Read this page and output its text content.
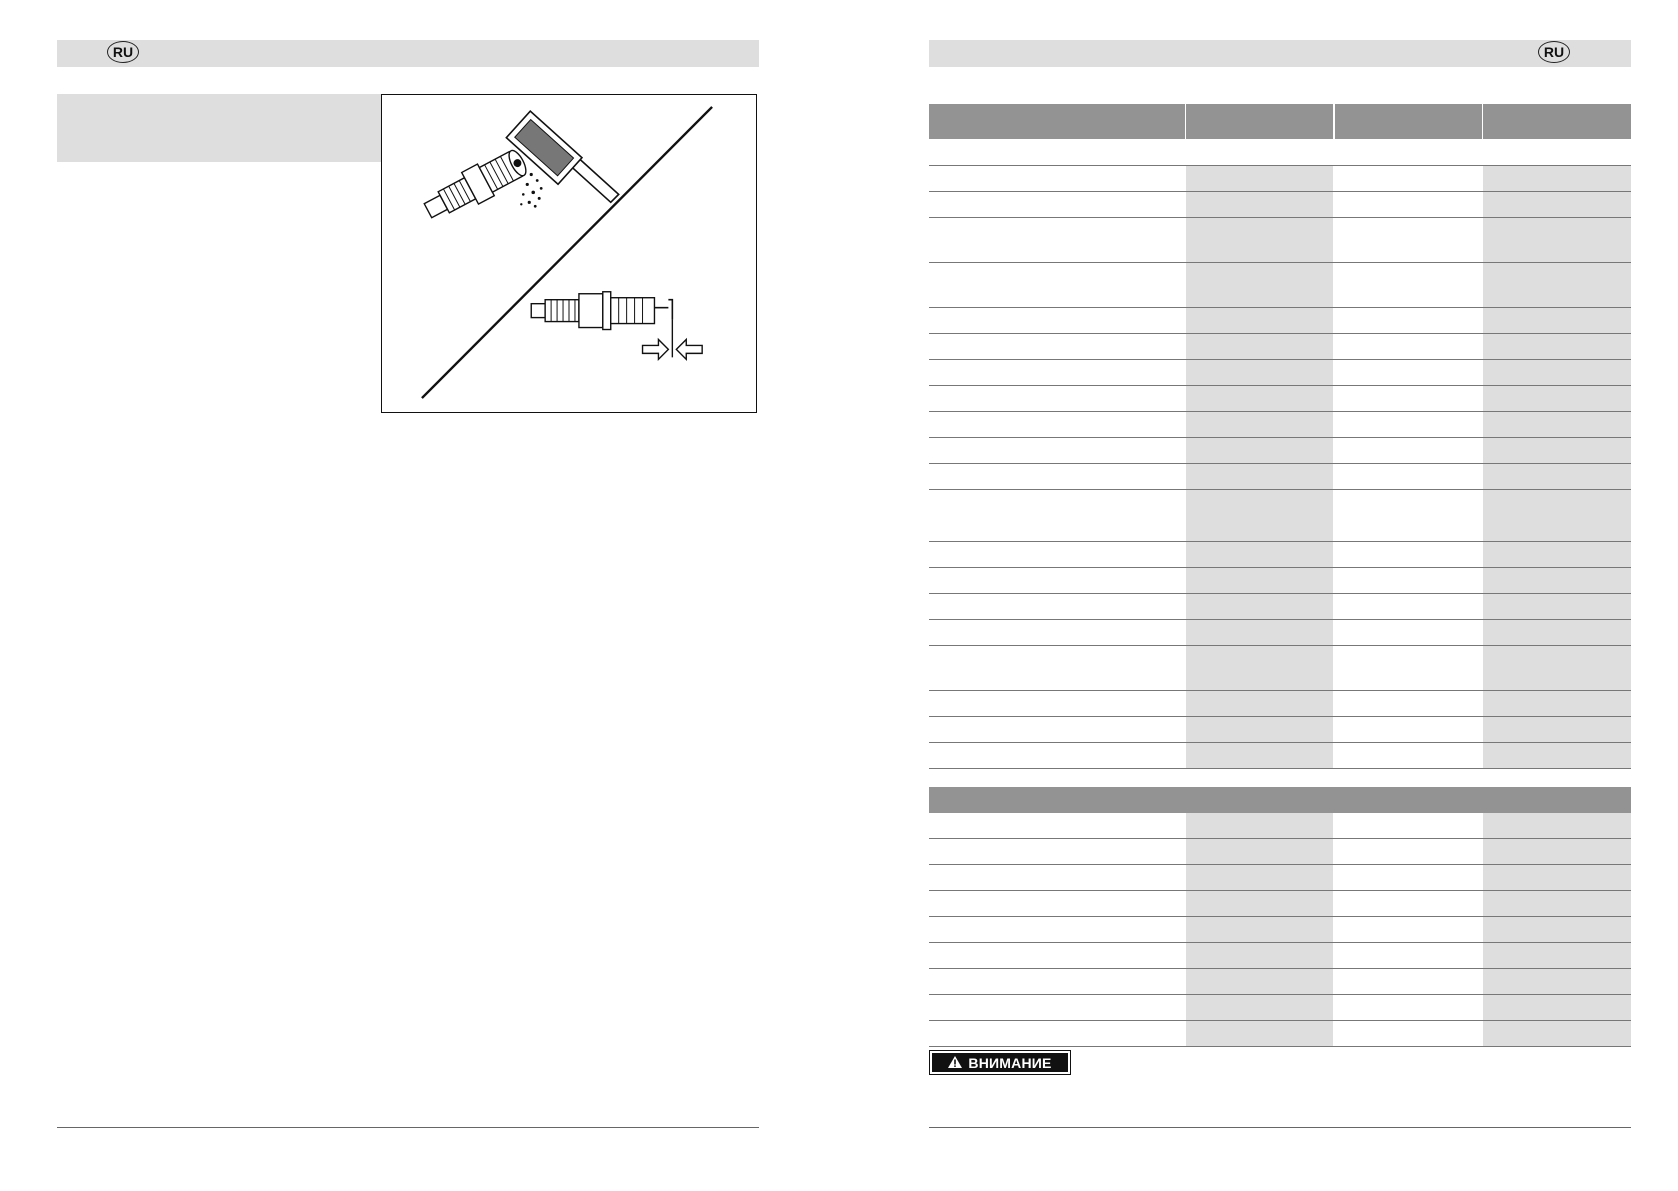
RU	RU
ВНИМАНИЕ
